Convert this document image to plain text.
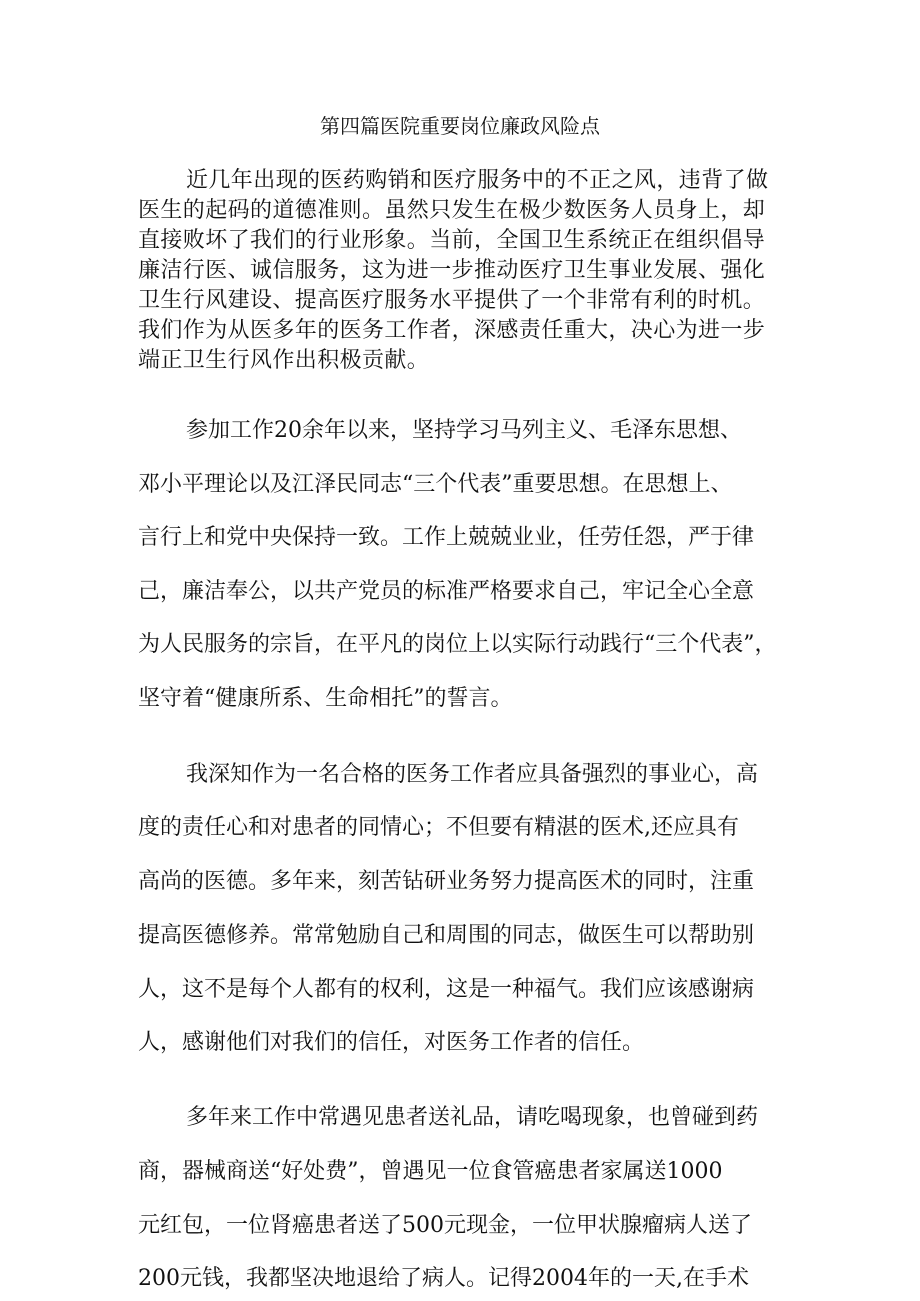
第四篇医院重要岗位廉政风险点

近几年出现的医药购销和医疗服务中的不正之风，违背了做

医生的起码的道德准则。虽然只发生在极少数医务人员身上，却

直接败坏了我们的行业形象。当前，全国卫生系统正在组织倡导

廉洁行医、诚信服务，这为进一步推动医疗卫生事业发展、强化

卫生行风建设、提高医疗服务水平提供了一个非常有利的时机。

我们作为从医多年的医务工作者，深感责任重大，决心为进一步

端正卫生行风作出积极贡献。

参加工作20余年以来，坚持学习马列主义、毛泽东思想、

邓小平理论以及江泽民同志“三个代表”重要思想。在思想上、

言行上和党中央保持一致。工作上兢兢业业，任劳任怨，严于律

己，廉洁奉公，以共产党员的标准严格要求自己，牢记全心全意

为人民服务的宗旨，在平凡的岗位上以实际行动践行“三个代表”，

坚守着“健康所系、生命相托”的誓言。

我深知作为一名合格的医务工作者应具备强烈的事业心，高

度的责任心和对患者的同情心；不但要有精湛的医术,还应具有

高尚的医德。多年来，刻苦钻研业务努力提高医术的同时，注重

提高医德修养。常常勉励自己和周围的同志，做医生可以帮助别

人，这不是每个人都有的权利，这是一种福气。我们应该感谢病

人，感谢他们对我们的信任，对医务工作者的信任。

多年来工作中常遇见患者送礼品，请吃喝现象，也曾碰到药

商，器械商送“好处费”，曾遇见一位食管癌患者家属送1000

元红包，一位肾癌患者送了500元现金，一位甲状腺瘤病人送了

200元钱，我都坚决地退给了病人。记得2004年的一天,在手术
